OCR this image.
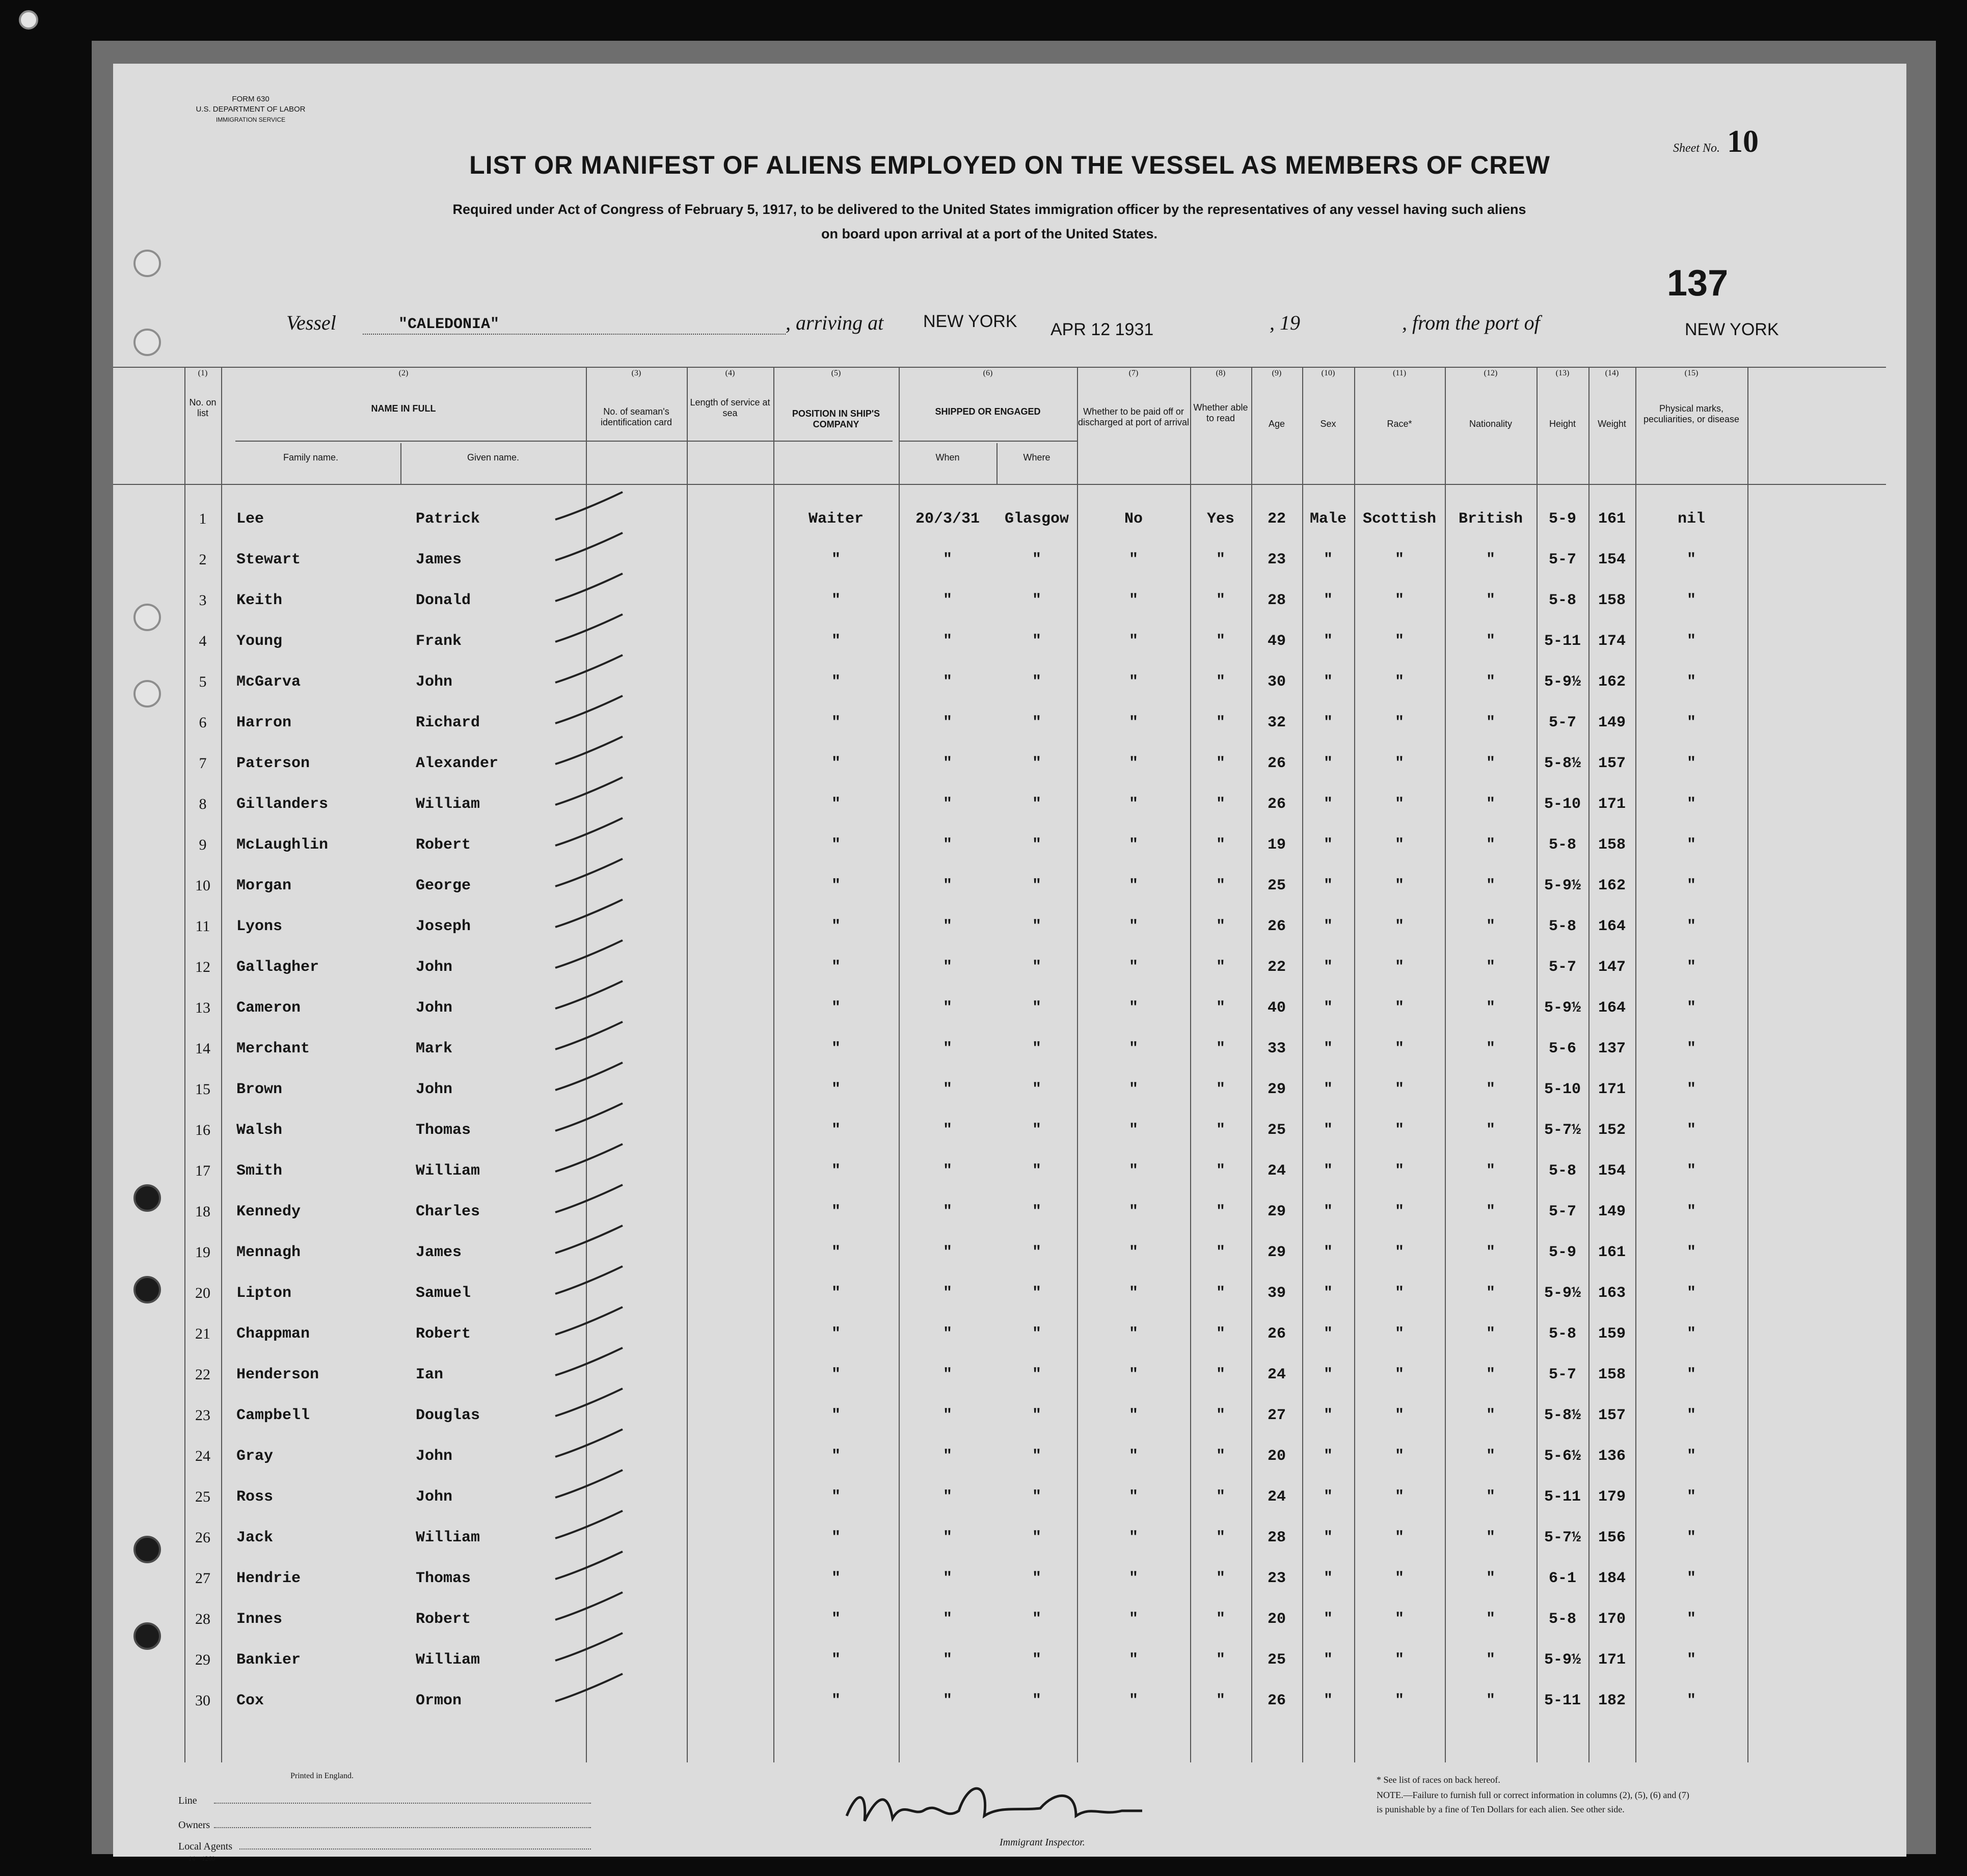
FORM 630
U.S. DEPARTMENT OF LABOR
IMMIGRATION SERVICE
Sheet No. 10
LIST OR MANIFEST OF ALIENS EMPLOYED ON THE VESSEL AS MEMBERS OF CREW
Required under Act of Congress of February 5, 1917, to be delivered to the United States immigration officer by the representatives of any vessel having such aliens
on board upon arrival at a port of the United States.
137
Vessel	"CALEDONIA"	, arriving at NEW YORK APR 12 1931	, 19	, from the port of	NEW YORK
(1)	(2)	(3)	(4)	(5)	(6)	(7)	(8)	(9)	(10)	(11)	(12)	(13)	(14)	(15)
No. on list	NAME IN FULL
Family name.	Given name.
No. of seaman's identification card
Length of service at sea	POSITION IN SHIP'S COMPANY
SHIPPED OR ENGAGED
When	Where
Whether to be paid off or discharged at port of arrival
Whether able to read
Age	Sex	Race*	Nationality	Height	Weight
Physical marks, peculiarities, or disease
1	Lee	Patrick	Waiter	20/3/31	Glasgow	No	Yes	22	Male	Scottish	British	5-9	161	nil
2	Stewart	James	"	"	"	"	"	23	"	"	"	5-7	154	"
3	Keith	Donald	"	"	"	"	"	28	"	"	"	5-8	158	"
4	Young	Frank	"	"	"	"	"	49	"	"	"	5-11	174	"
5	McGarva	John	"	"	"	"	"	30	"	"	"	5-9½	162	"
6	Harron	Richard	"	"	"	"	"	32	"	"	"	5-7	149	"
7	Paterson	Alexander	"	"	"	"	"	26	"	"	"	5-8½	157	"
8	Gillanders	William	"	"	"	"	"	26	"	"	"	5-10	171	"
9	McLaughlin	Robert	"	"	"	"	"	19	"	"	"	5-8	158	"
10	Morgan	George	"	"	"	"	"	25	"	"	"	5-9½	162	"
11	Lyons	Joseph	"	"	"	"	"	26	"	"	"	5-8	164	"
12	Gallagher	John	"	"	"	"	"	22	"	"	"	5-7	147	"
13	Cameron	John	"	"	"	"	"	40	"	"	"	5-9½	164	"
14	Merchant	Mark	"	"	"	"	"	33	"	"	"	5-6	137	"
15	Brown	John	"	"	"	"	"	29	"	"	"	5-10	171	"
16	Walsh	Thomas	"	"	"	"	"	25	"	"	"	5-7½	152	"
17	Smith	William	"	"	"	"	"	24	"	"	"	5-8	154	"
18	Kennedy	Charles	"	"	"	"	"	29	"	"	"	5-7	149	"
19	Mennagh	James	"	"	"	"	"	29	"	"	"	5-9	161	"
20	Lipton	Samuel	"	"	"	"	"	39	"	"	"	5-9½	163	"
21	Chappman	Robert	"	"	"	"	"	26	"	"	"	5-8	159	"
22	Henderson	Ian	"	"	"	"	"	24	"	"	"	5-7	158	"
23	Campbell	Douglas	"	"	"	"	"	27	"	"	"	5-8½	157	"
24	Gray	John	"	"	"	"	"	20	"	"	"	5-6½	136	"
25	Ross	John	"	"	"	"	"	24	"	"	"	5-11	179	"
26	Jack	William	"	"	"	"	"	28	"	"	"	5-7½	156	"
27	Hendrie	Thomas	"	"	"	"	"	23	"	"	"	6-1	184	"
28	Innes	Robert	"	"	"	"	"	20	"	"	"	5-8	170	"
29	Bankier	William	"	"	"	"	"	25	"	"	"	5-9½	171	"
30	Cox	Ormon	"	"	"	"	"	26	"	"	"	5-11	182	"
Printed in England.
Line
Owners
Local Agents
14—1260
Immigrant Inspector.
* See list of races on back hereof.
NOTE.—Failure to furnish full or correct information in columns (2), (5), (6) and (7)
is punishable by a fine of Ten Dollars for each alien. See other side.
